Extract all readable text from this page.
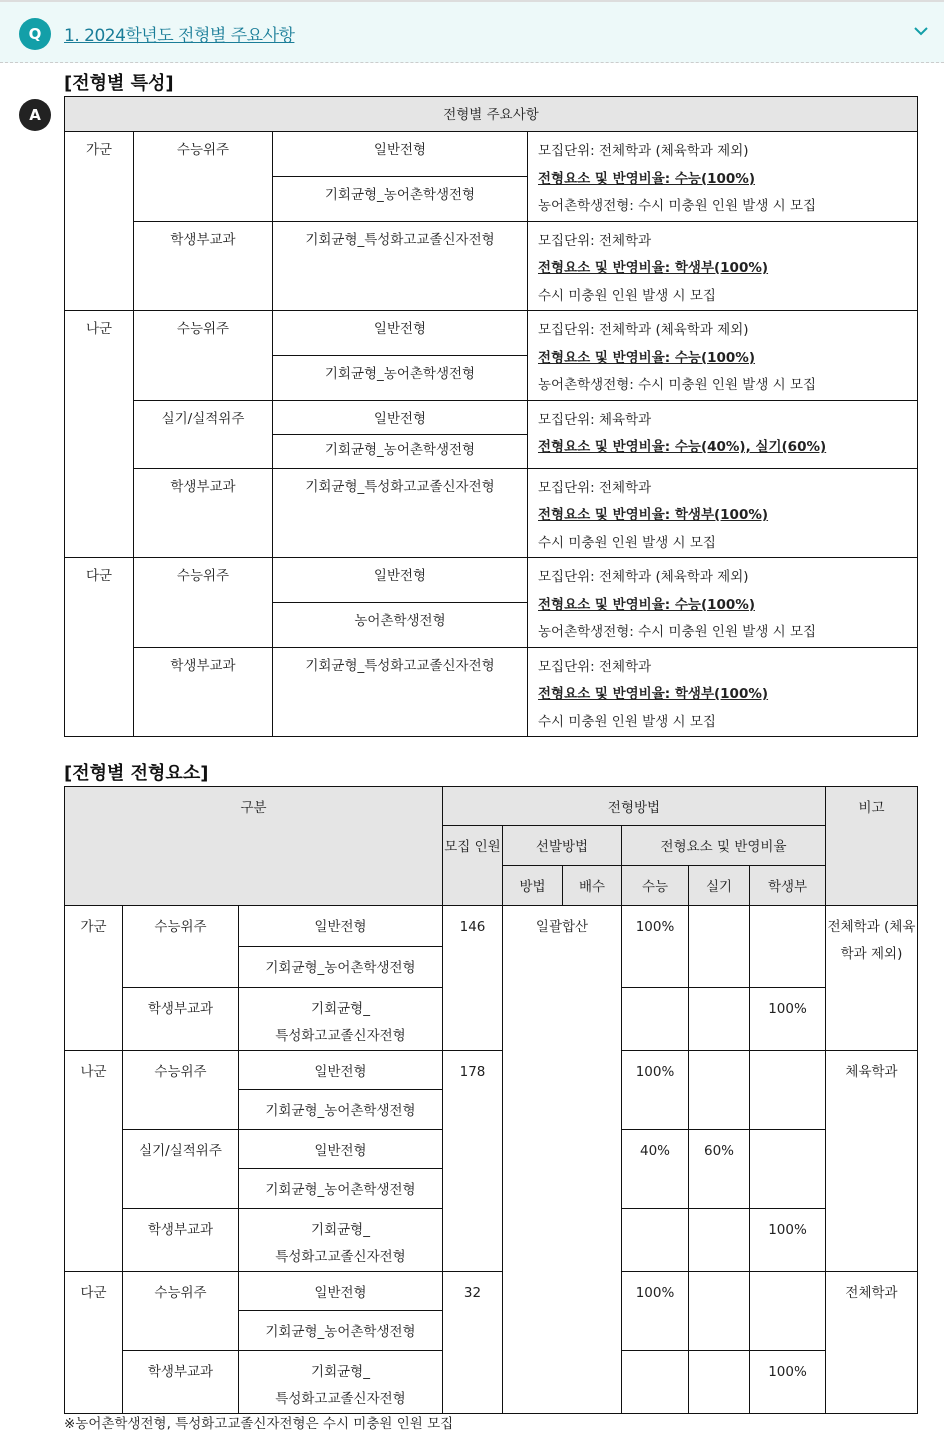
Q	1. 2024학년도 전형별 주요사항
A
[전형별 특성]
전형별 주요사항			
가군	수능위주	일반전형	모집단위: 전체학과 (체육학과 제외)
전형요소 및 반영비율: 수능(100%)
농어촌학생전형: 수시 미충원 인원 발생 시 모집

		기회균형_농어촌학생전형	
	학생부교과	기회균형_특성화고교졸신자전형	모집단위: 전체학과
전형요소 및 반영비율: 학생부(100%)
수시 미충원 인원 발생 시 모집

나군	수능위주	일반전형	모집단위: 전체학과 (체육학과 제외)
전형요소 및 반영비율: 수능(100%)
농어촌학생전형: 수시 미충원 인원 발생 시 모집

		기회균형_농어촌학생전형	
	실기/실적위주	일반전형	모집단위: 체육학과
전형요소 및 반영비율: 수능(40%), 실기(60%)

		기회균형_농어촌학생전형	
	학생부교과	기회균형_특성화고교졸신자전형	모집단위: 전체학과
전형요소 및 반영비율: 학생부(100%)
수시 미충원 인원 발생 시 모집

다군	수능위주	일반전형	모집단위: 전체학과 (체육학과 제외)
전형요소 및 반영비율: 수능(100%)
농어촌학생전형: 수시 미충원 인원 발생 시 모집

		농어촌학생전형	
	학생부교과	기회균형_특성화고교졸신자전형	모집단위: 전체학과
전형요소 및 반영비율: 학생부(100%)
수시 미충원 인원 발생 시 모집
[전형별 전형요소]
구분			전형방법						비고
			모집 인원	선발방법		전형요소 및 반영비율			
				방법	배수	수능	실기	학생부	
가군	수능위주	일반전형	146	일괄합산		100%			전체학과 (체육학과 제외)
		기회균형_농어촌학생전형							
	학생부교과	기회균형_
특성화고교졸신자전형						100%	
나군	수능위주	일반전형	178			100%			체육학과
		기회균형_농어촌학생전형							
	실기/실적위주	일반전형				40%	60%		
		기회균형_농어촌학생전형							
	학생부교과	기회균형_
특성화고교졸신자전형						100%	
다군	수능위주	일반전형	32			100%			전체학과
		기회균형_농어촌학생전형							
	학생부교과	기회균형_
특성화고교졸신자전형						100%	
※농어촌학생전형, 특성화고교졸신자전형은 수시 미충원 인원 모집
